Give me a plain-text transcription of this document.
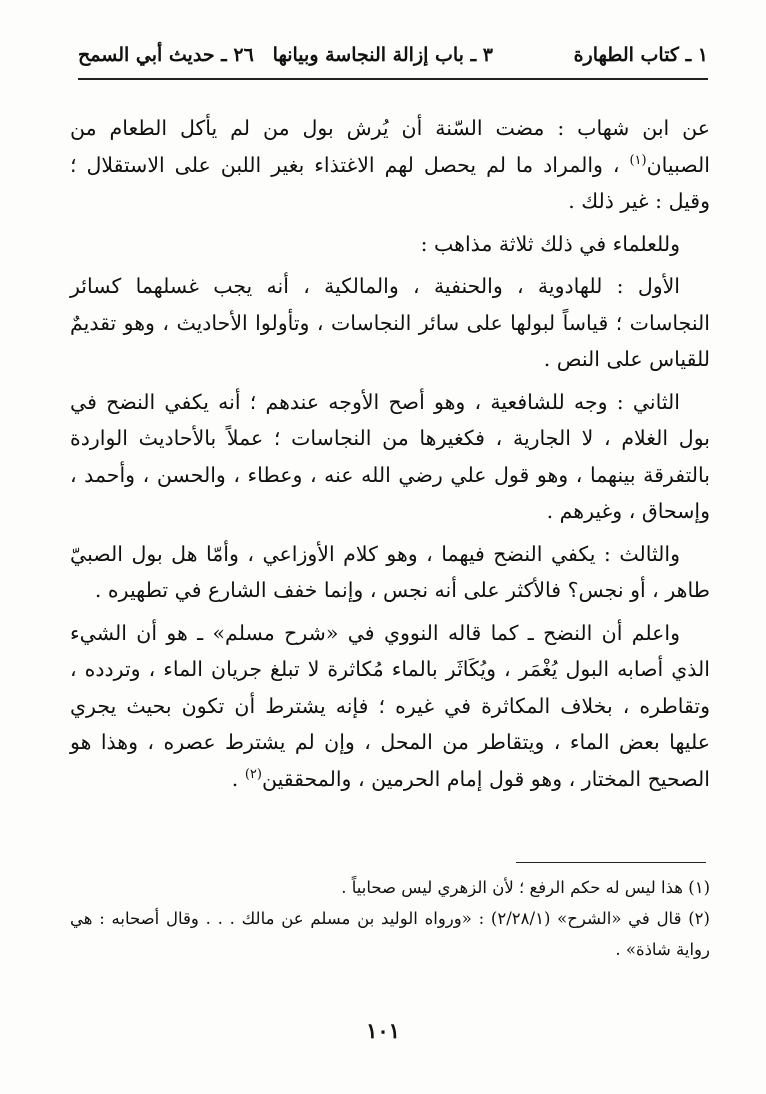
١ ـ كتاب الطهارة
٣ ـ باب إزالة النجاسة وبيانها
٢٦ ـ حديث أبي السمح

عن ابن شهاب : مضت السّنة أن يُرش بول من لم يأكل الطعام من الصبيان$^{(١)}$ ، والمراد ما لم يحصل لهم الاغتذاء بغير اللبن على الاستقلال ؛ وقيل : غير ذلك .

وللعلماء في ذلك ثلاثة مذاهب :

الأول : للهادوية ، والحنفية ، والمالكية ، أنه يجب غسلهما كسائر النجاسات ؛ قياساً لبولها على سائر النجاسات ، وتأولوا الأحاديث ، وهو تقديمٌ للقياس على النص .

الثاني : وجه للشافعية ، وهو أصح الأوجه عندهم ؛ أنه يكفي النضح في بول الغلام ، لا الجارية ، فكغيرها من النجاسات ؛ عملاً بالأحاديث الواردة بالتفرقة بينهما ، وهو قول علي رضي الله عنه ، وعطاء ، والحسن ، وأحمد ، وإسحاق ، وغيرهم .

والثالث : يكفي النضح فيهما ، وهو كلام الأوزاعي ، وأمّا هل بول الصبيّ طاهر ، أو نجس؟ فالأكثر على أنه نجس ، وإنما خفف الشارع في تطهيره .

واعلم أن النضح ـ كما قاله النووي في «شرح مسلم» ـ هو أن الشيء الذي أصابه البول يُغْمَر ، ويُكَاثَر بالماء مُكاثرة لا تبلغ جريان الماء ، وتردده ، وتقاطره ، بخلاف المكاثرة في غيره ؛ فإنه يشترط أن تكون بحيث يجري عليها بعض الماء ، ويتقاطر من المحل ، وإن لم يشترط عصره ، وهذا هو الصحيح المختار ، وهو قول إمام الحرمين ، والمحققين$^{(٢)}$ .

(١) هذا ليس له حكم الرفع ؛ لأن الزهري ليس صحابياً .

(٢) قال في «الشرح» (٢/٢٨/١) : «ورواه الوليد بن مسلم عن مالك . . . وقال أصحابه : هي رواية شاذة» .

١٠١
